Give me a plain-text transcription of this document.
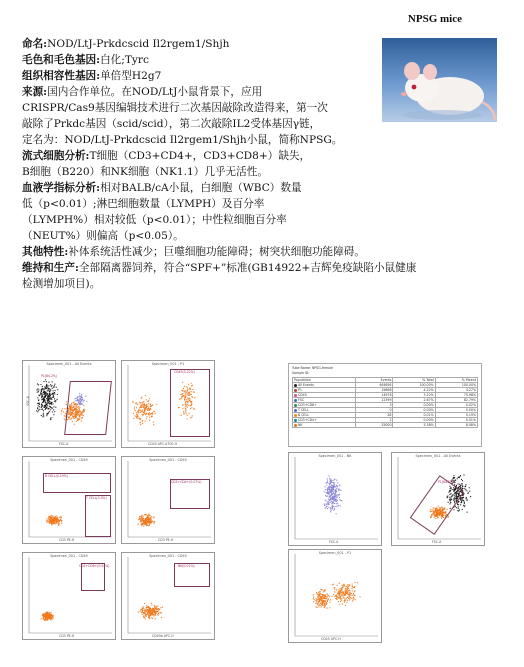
NPSG mice
命名:NOD/LtJ-Prkdcscid Il2rgem1/Shjh
毛色和毛色基因:白化;Tyrc
组织相容性基因:单倍型H2g7
来源:国内合作单位。在NOD/LtJ小鼠背景下，应用
CRISPR/Cas9基因编辑技术进行二次基因敲除改造得来，第一次
敲除了Prkdc基因（scid/scid），第二次敲除IL2受体基因γ链，
定名为：NOD/LtJ-Prkdcscid Il2rgem1/Shjh小鼠，简称NPSG。
流式细胞分析:T细胞（CD3+CD4+，CD3+CD8+）缺失，
B细胞（B220）和NK细胞（NK1.1）几乎无活性。
血液学指标分析:相对BALB/cA小鼠，白细胞（WBC）数量
低（p<0.01）;淋巴细胞数量（LYMPH）及百分率
（LYMPH%）相对较低（p<0.01）；中性粒细胞百分率
（NEUT%）则偏高（p<0.05）。
其他特性:补体系统活性减少；巨噬细胞功能障碍；树突状细胞功能障碍。
维持和生产:全部隔离器饲养，符合“SPF+”标准(GB14922+吉辉免疫缺陷小鼠健康
检测增加项目)。
Specimen_001 - All Events
P1(84.2%)
FSC-A
SSC-A
Specimen_001 - P1
CD45(3.22%)
CD45 APC-A700-H
Specimen_001 - CD45
B CELL(0.19%)
T CELL(0.3%)
CD3 PE-H
Specimen_001 - CD45
CD3+CD4+(0.07%)
CD3 PE-H
Specimen_001 - CD45
CD3+CD8+(0.04%)
CD3 PE-H
Specimen_001 - CD45
NK(0.01%)
CD49b APC-H
Tube Name: NPSG-female
Sample ID:
Population	Events	% Total	% Parent
All Events	464656	100.00%	100.00%
P1	19668	4.22%	4.27%
CD45	14976	3.22%	75.98%
FSC	12399	2.67%	82.79%
CD3+CD8+	3	0.00%	0.02%
T CELL	0	0.00%	0.00%
B CELL	28	0.01%	0.19%
CD3+CD4+	2	0.00%	0.01%
NK	25000	5.38%	8.08%
Specimen_001 - NK
FSC-A
Specimen_001 - All Events
P1(84.2%)
FSC-A
Specimen_001 - P1
CD45 APC-H
